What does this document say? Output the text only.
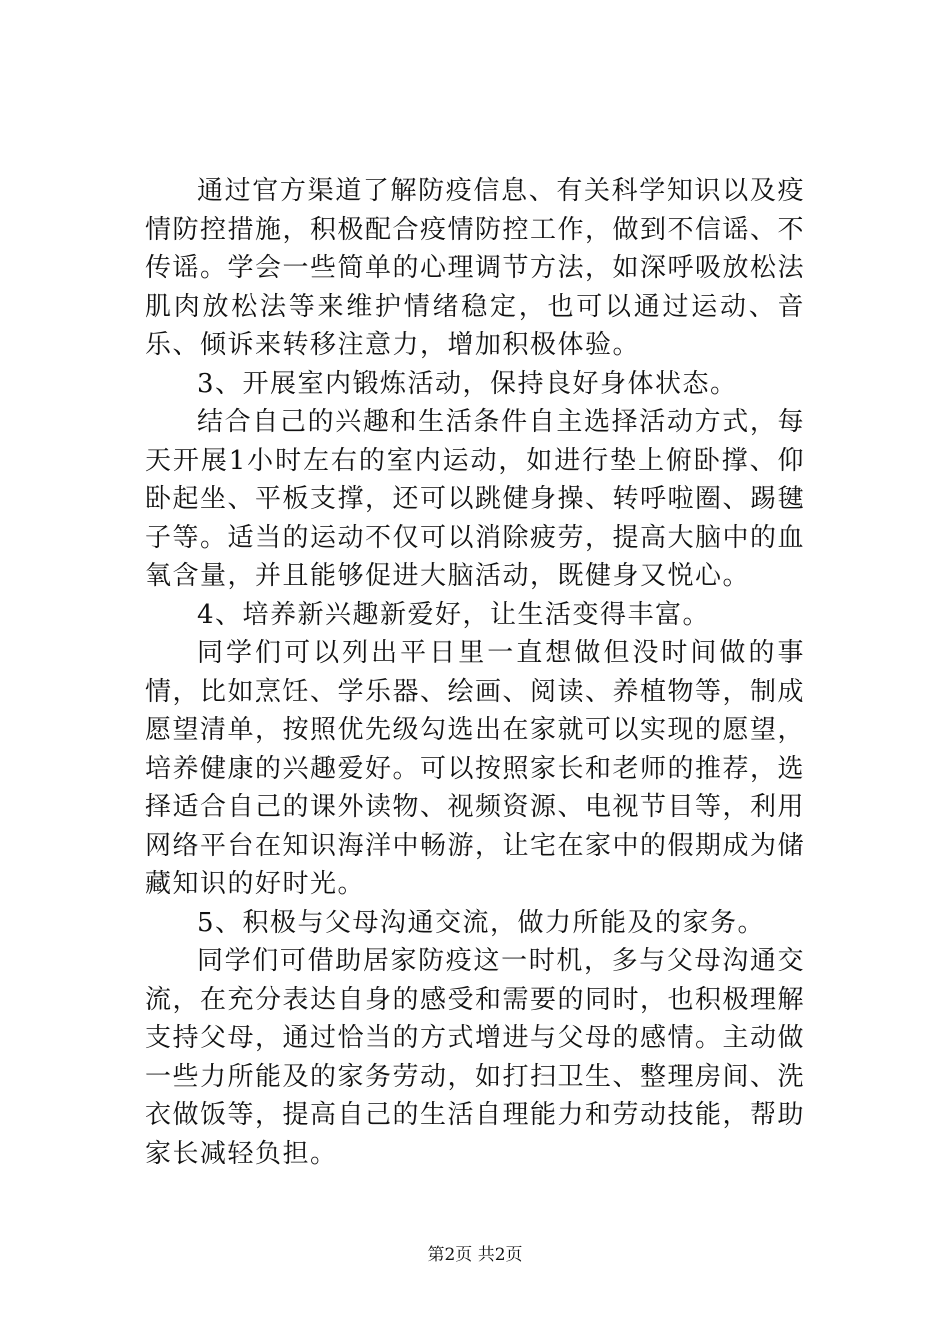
通过官方渠道了解防疫信息、有关科学知识以及疫情防控措施，积极配合疫情防控工作，做到不信谣、不传谣。学会一些简单的心理调节方法，如深呼吸放松法肌肉放松法等来维护情绪稳定，也可以通过运动、音乐、倾诉来转移注意力，增加积极体验。

3、开展室内锻炼活动，保持良好身体状态。

结合自己的兴趣和生活条件自主选择活动方式，每天开展1小时左右的室内运动，如进行垫上俯卧撑、仰卧起坐、平板支撑，还可以跳健身操、转呼啦圈、踢毽子等。适当的运动不仅可以消除疲劳，提高大脑中的血氧含量，并且能够促进大脑活动，既健身又悦心。

4、培养新兴趣新爱好，让生活变得丰富。

同学们可以列出平日里一直想做但没时间做的事情，比如烹饪、学乐器、绘画、阅读、养植物等，制成愿望清单，按照优先级勾选出在家就可以实现的愿望，培养健康的兴趣爱好。可以按照家长和老师的推荐，选择适合自己的课外读物、视频资源、电视节目等，利用网络平台在知识海洋中畅游，让宅在家中的假期成为储藏知识的好时光。

5、积极与父母沟通交流，做力所能及的家务。

同学们可借助居家防疫这一时机，多与父母沟通交流，在充分表达自身的感受和需要的同时，也积极理解支持父母，通过恰当的方式增进与父母的感情。主动做一些力所能及的家务劳动，如打扫卫生、整理房间、洗衣做饭等，提高自己的生活自理能力和劳动技能，帮助家长减轻负担。

第2页 共2页
